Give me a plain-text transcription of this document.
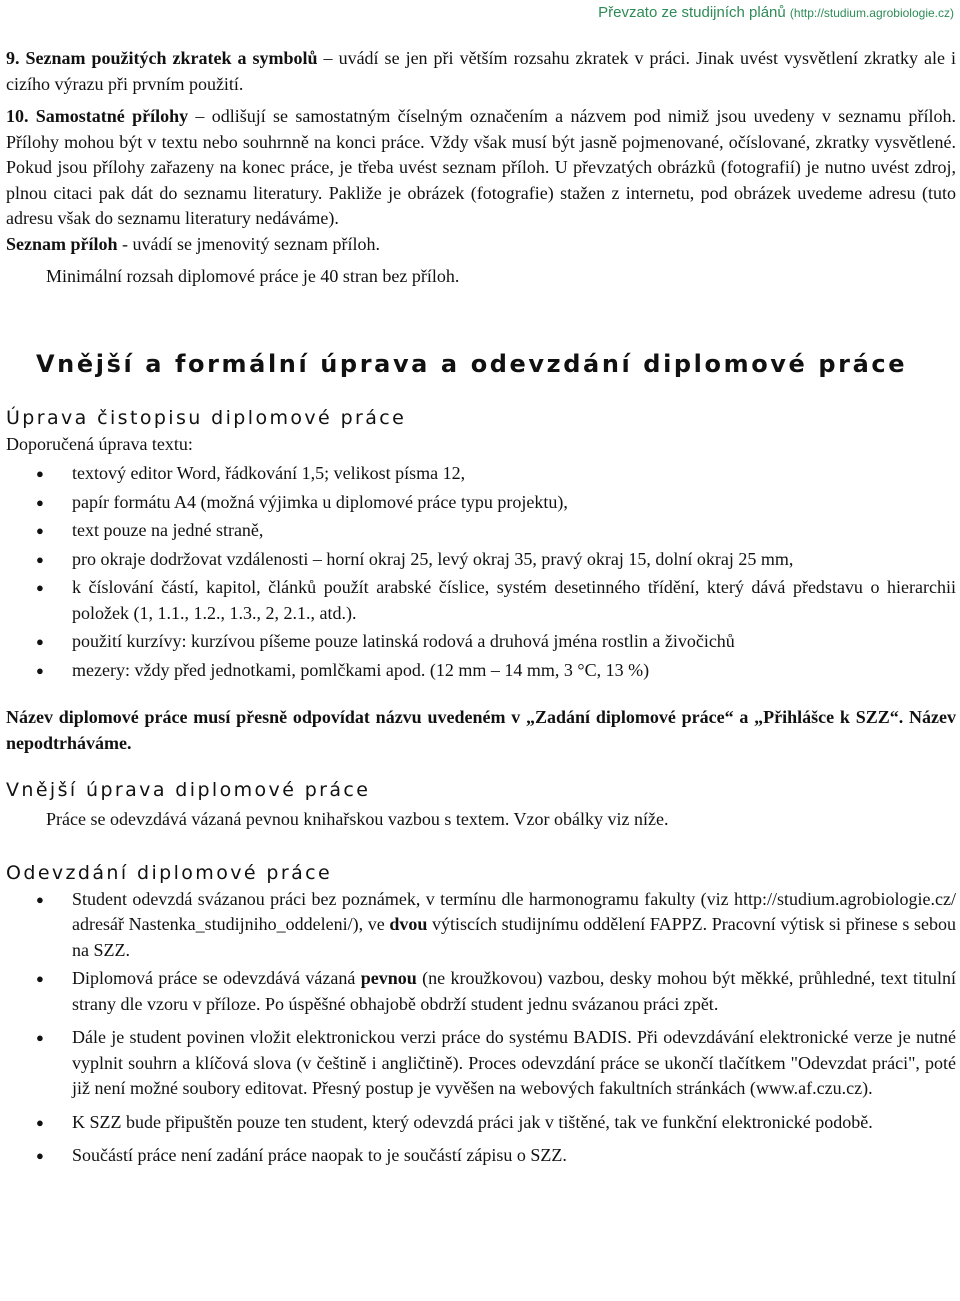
Převzato ze studijních plánů (http://studium.agrobiologie.cz)

9. Seznam použitých zkratek a symbolů – uvádí se jen při větším rozsahu zkratek v práci. Jinak uvést vysvětlení zkratky ale i cizího výrazu při prvním použití.

10. Samostatné přílohy – odlišují se samostatným číselným označením a názvem pod nimiž jsou uvedeny v seznamu příloh. Přílohy mohou být v textu nebo souhrnně na konci práce. Vždy však musí být jasně pojmenované, očíslované, zkratky vysvětlené. Pokud jsou přílohy zařazeny na konec práce, je třeba uvést seznam příloh. U převzatých obrázků (fotografií) je nutno uvést zdroj, plnou citaci pak dát do seznamu literatury. Pakliže je obrázek (fotografie) stažen z internetu, pod obrázek uvedeme adresu (tuto adresu však do seznamu literatury nedáváme).

Seznam příloh - uvádí se jmenovitý seznam příloh.

Minimální rozsah diplomové práce je 40 stran bez příloh.

Vnější a formální úprava a odevzdání diplomové práce
Úprava čistopisu diplomové práce

Doporučená úprava textu:

● textový editor Word, řádkování 1,5; velikost písma 12,
● papír formátu A4 (možná výjimka u diplomové práce typu projektu),
● text pouze na jedné straně,
● pro okraje dodržovat vzdálenosti – horní okraj 25, levý okraj 35, pravý okraj 15, dolní okraj 25 mm,
● k číslování částí, kapitol, článků použít arabské číslice, systém desetinného třídění, který dává představu o hierarchii položek (1, 1.1., 1.2., 1.3., 2, 2.1., atd.).
● použití kurzívy: kurzívou píšeme pouze latinská rodová a druhová jména rostlin a živočichů
● mezery: vždy před jednotkami, pomlčkami apod. (12 mm – 14 mm, 3 °C, 13 %)

Název diplomové práce musí přesně odpovídat názvu uvedeném v „Zadání diplomové práce“ a „Přihlášce k SZZ“. Název nepodtrháváme.

Vnější úprava diplomové práce

Práce se odevzdává vázaná pevnou knihařskou vazbou s textem. Vzor obálky viz níže.

Odevzdání diplomové práce
● Student odevzdá svázanou práci bez poznámek, v termínu dle harmonogramu fakulty (viz http://studium.agrobiologie.cz/ adresář Nastenka_studijniho_oddeleni/), ve dvou výtiscích studijnímu oddělení FAPPZ. Pracovní výtisk si přinese s sebou na SZZ.
● Diplomová práce se odevzdává vázaná pevnou (ne kroužkovou) vazbou, desky mohou být měkké, průhledné, text titulní strany dle vzoru v příloze. Po úspěšné obhajobě obdrží student jednu svázanou práci zpět.
● Dále je student povinen vložit elektronickou verzi práce do systému BADIS. Při odevzdávání elektronické verze je nutné vyplnit souhrn a klíčová slova (v češtině i angličtině). Proces odevzdání práce se ukončí tlačítkem "Odevzdat práci", poté již není možné soubory editovat. Přesný postup je vyvěšen na webových fakultních stránkách (www.af.czu.cz).
● K SZZ bude připuštěn pouze ten student, který odevzdá práci jak v tištěné, tak ve funkční elektronické podobě.
● Součástí práce není zadání práce naopak to je součástí zápisu o SZZ.
